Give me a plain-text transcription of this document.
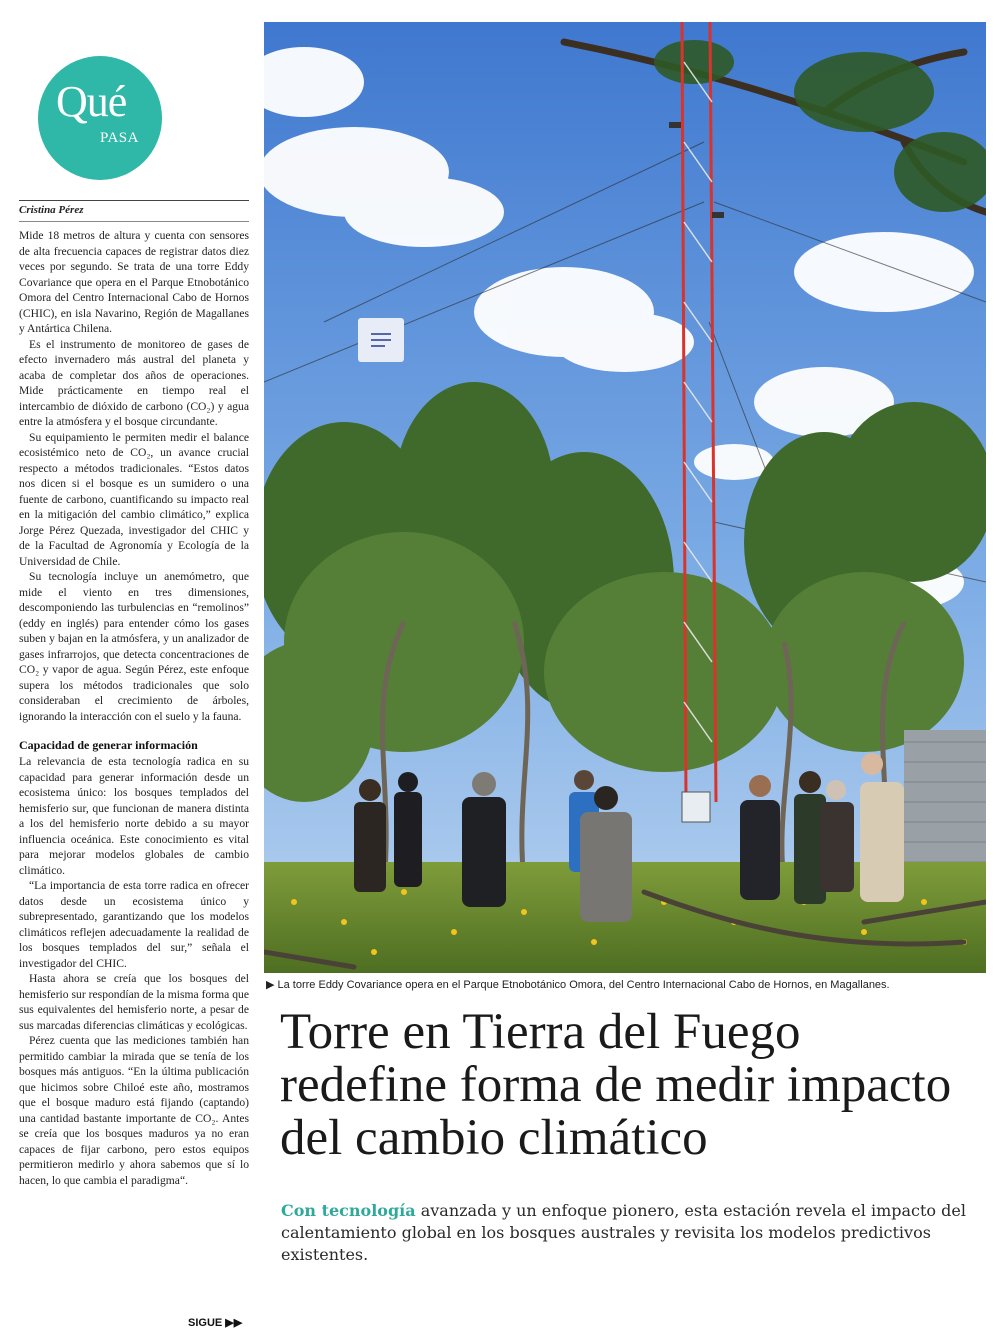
Qué
PASA
Cristina Pérez

Mide 18 metros de altura y cuenta con sensores de alta frecuencia capaces de registrar datos diez veces por segundo. Se trata de una torre Eddy Covariance que opera en el Parque Etnobotánico Omora del Centro Internacional Cabo de Hornos (CHIC), en isla Navarino, Región de Magallanes y Antártica Chilena.

Es el instrumento de monitoreo de gases de efecto invernadero más austral del planeta y acaba de completar dos años de operaciones. Mide prácticamente en tiempo real el intercambio de dióxido de carbono (CO₂) y agua entre la atmósfera y el bosque circundante.

Su equipamiento le permiten medir el balance ecosistémico neto de CO₂, un avance crucial respecto a métodos tradicionales. “Estos datos nos dicen si el bosque es un sumidero o una fuente de carbono, cuantificando su impacto real en la mitigación del cambio climático,” explica Jorge Pérez Quezada, investigador del CHIC y de la Facultad de Agronomía y Ecología de la Universidad de Chile.

Su tecnología incluye un anemómetro, que mide el viento en tres dimensiones, descomponiendo las turbulencias en “remolinos” (eddy en inglés) para entender cómo los gases suben y bajan en la atmósfera, y un analizador de gases infrarrojos, que detecta concentraciones de CO₂ y vapor de agua. Según Pérez, este enfoque supera los métodos tradicionales que solo consideraban el crecimiento de árboles, ignorando la interacción con el suelo y la fauna.

Capacidad de generar información

La relevancia de esta tecnología radica en su capacidad para generar información desde un ecosistema único: los bosques templados del hemisferio sur, que funcionan de manera distinta a los del hemisferio norte debido a su mayor influencia oceánica. Este conocimiento es vital para mejorar modelos globales de cambio climático.

“La importancia de esta torre radica en ofrecer datos desde un ecosistema único y subrepresentado, garantizando que los modelos climáticos reflejen adecuadamente la realidad de los bosques templados del sur,” señala el investigador del CHIC.

Hasta ahora se creía que los bosques del hemisferio sur respondían de la misma forma que sus equivalentes del hemisferio norte, a pesar de sus marcadas diferencias climáticas y ecológicas.

Pérez cuenta que las mediciones también han permitido cambiar la mirada que se tenía de los bosques más antiguos. “En la última publicación que hicimos sobre Chiloé este año, mostramos que el bosque maduro está fijando (captando) una cantidad bastante importante de CO₂. Antes se creía que los bosques maduros ya no eran capaces de fijar carbono, pero estos equipos permitieron medirlo y ahora sabemos que sí lo hacen, lo que cambia el paradigma“.

SIGUE ▶▶
▶ La torre Eddy Covariance opera en el Parque Etnobotánico Omora, del Centro Internacional Cabo de Hornos, en Magallanes.
Torre en Tierra del Fuego redefine forma de medir impacto del cambio climático
Con tecnología avanzada y un enfoque pionero, esta estación revela el impacto del calentamiento global en los bosques australes y revisita los modelos predictivos existentes.
